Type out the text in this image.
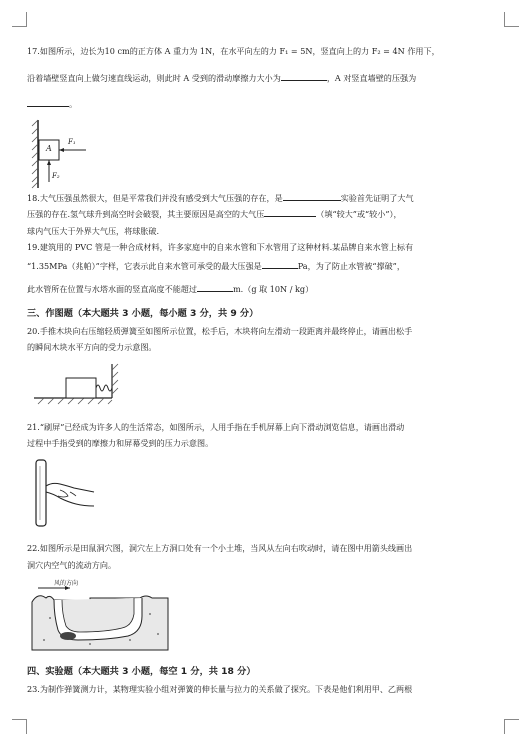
17.如图所示，边长为10 cm的正方体 A 重力为 1N，在水平向左的力 F₁ = 5N，竖直向上的力 F₂ = 4N 作用下，
沿着墙壁竖直向上做匀速直线运动，则此时 A 受到的滑动摩擦力大小为	，A 对竖直墙壁的压强为
。
A
F₁
F₂
18.大气压强虽然很大，但是平常我们并没有感受到大气压强的存在，是	实验首先证明了大气
压强的存在.氢气球升到高空时会破裂，其主要原因是高空的大气压	（填“较大”或“较小”），
球内气压大于外界大气压，将球胀破.
19.建筑用的 PVC 管是一种合成材料，许多家庭中的自来水管和下水管用了这种材料.某品牌自来水管上标有
“1.35MPa（兆帕）”字样，它表示此自来水管可承受的最大压强是	Pa，为了防止水管被“撑破”，
此水管所在位置与水塔水面的竖直高度不能超过	m.（g 取 10N / kg）
三、作图题（本大题共 3 小题，每小题 3 分，共 9 分）
20.手推木块向右压缩轻质弹簧至如图所示位置，松手后，木块将向左滑动一段距离并最终停止，请画出松手
的瞬间木块水平方向的受力示意图。
21.“刷屏”已经成为许多人的生活常态，如图所示，人用手指在手机屏幕上向下滑动浏览信息，请画出滑动
过程中手指受到的摩擦力和屏幕受到的压力示意图。
22.如图所示是田鼠洞穴图，洞穴左上方洞口处有一个小土堆，当风从左向右吹动时，请在图中用箭头线画出
洞穴内空气的流动方向。
风的方向
四、实验题（本大题共 3 小题，每空 1 分，共 18 分）
23.为制作弹簧测力计，某物理实验小组对弹簧的伸长量与拉力的关系做了探究。下表是他们利用甲、乙两根
